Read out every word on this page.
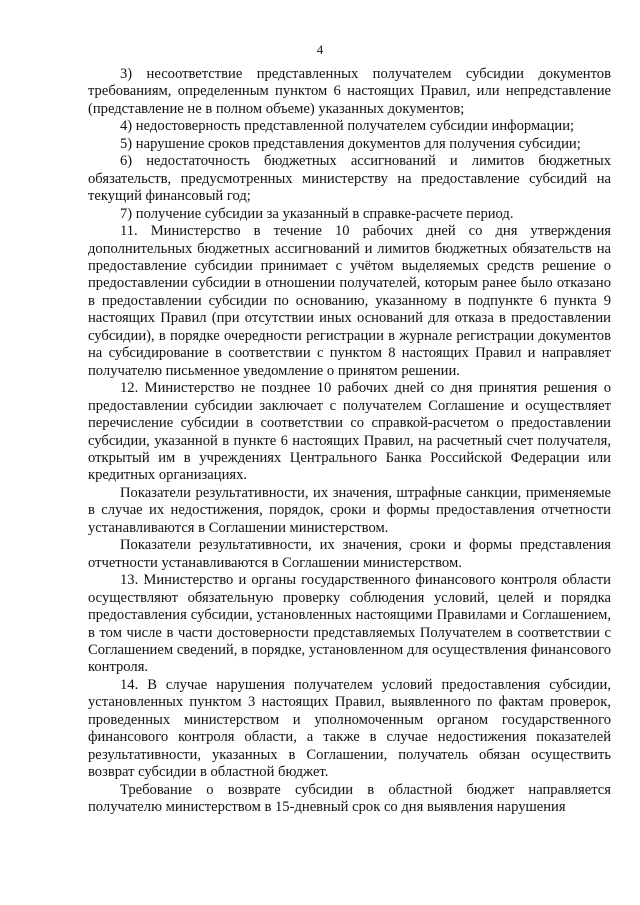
4

3) несоответствие представленных получателем субсидии документов требованиям, определенным пунктом 6 настоящих Правил, или непредставление (представление не в полном объеме) указанных документов;

4) недостоверность представленной получателем субсидии информации;

5) нарушение сроков представления документов для получения субсидии;

6) недостаточность бюджетных ассигнований и лимитов бюджетных обязательств, предусмотренных министерству на предоставление субсидий на текущий финансовый год;

7) получение субсидии за указанный в справке-расчете период.

11. Министерство в течение 10 рабочих дней со дня утверждения дополнительных бюджетных ассигнований и лимитов бюджетных обязательств на предоставление субсидии принимает с учётом выделяемых средств решение о предоставлении субсидии в отношении получателей, которым ранее было отказано в предоставлении субсидии по основанию, указанному в подпункте 6 пункта 9 настоящих Правил (при отсутствии иных оснований для отказа в предоставлении субсидии), в порядке очередности регистрации в журнале регистрации документов на субсидирование в соответствии с пунктом 8 настоящих Правил и направляет получателю письменное уведомление о принятом решении.

12. Министерство не позднее 10 рабочих дней со дня принятия решения о предоставлении субсидии заключает с получателем Соглашение и осуществляет перечисление субсидии в соответствии со справкой-расчетом о предоставлении субсидии, указанной в пункте 6 настоящих Правил, на расчетный счет получателя, открытый им в учреждениях Центрального Банка Российской Федерации или кредитных организациях.

Показатели результативности, их значения, штрафные санкции, применяемые в случае их недостижения, порядок, сроки и формы предоставления отчетности устанавливаются в Соглашении министерством.

Показатели результативности, их значения, сроки и формы представления отчетности устанавливаются в Соглашении министерством.

13. Министерство и органы государственного финансового контроля области осуществляют обязательную проверку соблюдения условий, целей и порядка предоставления субсидии, установленных настоящими Правилами и Соглашением, в том числе в части достоверности представляемых Получателем в соответствии с Соглашением сведений, в порядке, установленном для осуществления финансового контроля.

14. В случае нарушения получателем условий предоставления субсидии, установленных пунктом 3 настоящих Правил, выявленного по фактам проверок, проведенных министерством и уполномоченным органом государственного финансового контроля области, а также в случае недостижения показателей результативности, указанных в Соглашении, получатель обязан осуществить возврат субсидии в областной бюджет.

Требование о возврате субсидии в областной бюджет направляется получателю министерством в 15-дневный срок со дня выявления нарушения
